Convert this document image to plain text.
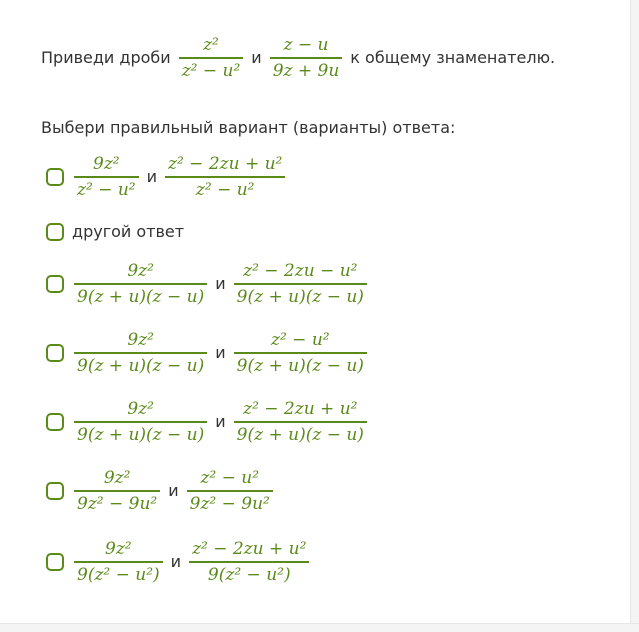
Приведи дроби $\frac{\text{z²}}{\text{z² − u²}}$ и $\frac{z - u}{9z + 9u}$ к общему знаменателю.
Выбери правильный вариант (варианты) ответа:
$\frac{\text{9z²}}{\text{z² − u²}}$ и $\frac{\text{z² − 2zu + u²}}{\text{z² − u²}}$
другой ответ
$\frac{\text{9z²}}{9(z + u)(z - u)}$ и $\frac{\text{z² − 2zu − u²}}{9(z + u)(z - u)}$
$\frac{\text{9z²}}{9(z + u)(z - u)}$ и $\frac{\text{z² − u²}}{9(z + u)(z - u)}$
$\frac{\text{9z²}}{9(z + u)(z - u)}$ и $\frac{\text{z² − 2zu + u²}}{9(z + u)(z - u)}$
$\frac{\text{9z²}}{\text{9z² − 9u²}}$ и $\frac{\text{z² − u²}}{\text{9z² − 9u²}}$
$\frac{\text{9z²}}{\text{9(z² − u²)}}$ и $\frac{\text{z² − 2zu + u²}}{\text{9(z² − u²)}}$
